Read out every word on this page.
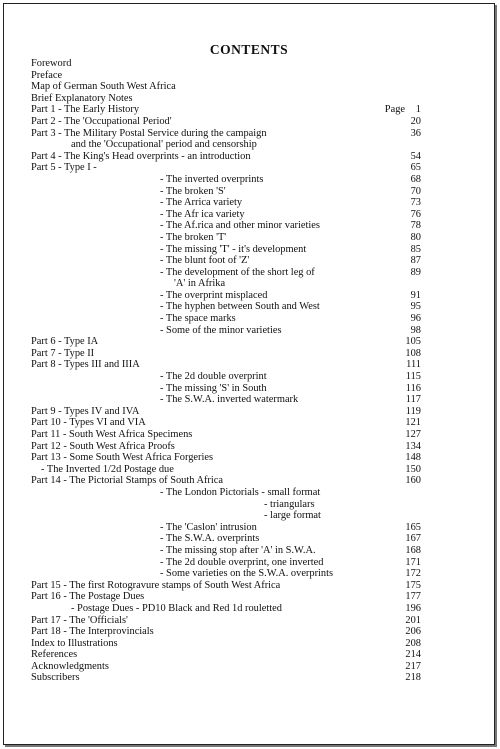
CONTENTS
Foreword
Preface
Map of German South West Africa
Brief Explanatory Notes
Part 1 - The Early History	Page 1
Part 2 - The 'Occupational Period'	20
Part 3 - The Military Postal Service during the campaign	36
and the 'Occupational' period and censorship
Part 4 - The King's Head overprints - an introduction	54
Part 5 - Type I -	65
- The inverted overprints	68
- The broken 'S'	70
- The Arrica variety	73
- The Afr ica variety	76
- The Af.rica and other minor varieties	78
- The broken 'T'	80
- The missing 'T' - it's development	85
- The blunt foot of 'Z'	87
- The development of the short leg of	89
'A' in Afrika
- The overprint misplaced	91
- The hyphen between South and West	95
- The space marks	96
- Some of the minor varieties	98
Part 6 - Type IA	105
Part 7 - Type II	108
Part 8 - Types III and IIIA	111
- The 2d double overprint	115
- The missing 'S' in South	116
- The S.W.A. inverted watermark	117
Part 9 - Types IV and IVA	119
Part 10 - Types VI and VIA	121
Part 11 - South West Africa Specimens	127
Part 12 - South West Africa Proofs	134
Part 13 - Some South West Africa Forgeries	148
- The Inverted 1/2d Postage due	150
Part 14 - The Pictorial Stamps of South Africa	160
- The London Pictorials - small format
- triangulars
- large format
- The 'Caslon' intrusion	165
- The S.W.A. overprints	167
- The missing stop after 'A' in S.W.A.	168
- The 2d double overprint, one inverted	171
- Some varieties on the S.W.A. overprints	172
Part 15 - The first Rotogravure stamps of South West Africa	175
Part 16 - The Postage Dues	177
- Postage Dues - PD10 Black and Red 1d rouletted	196
Part 17 - The 'Officials'	201
Part 18 - The Interprovincials	206
Index to Illustrations	208
References	214
Acknowledgments	217
Subscribers	218
